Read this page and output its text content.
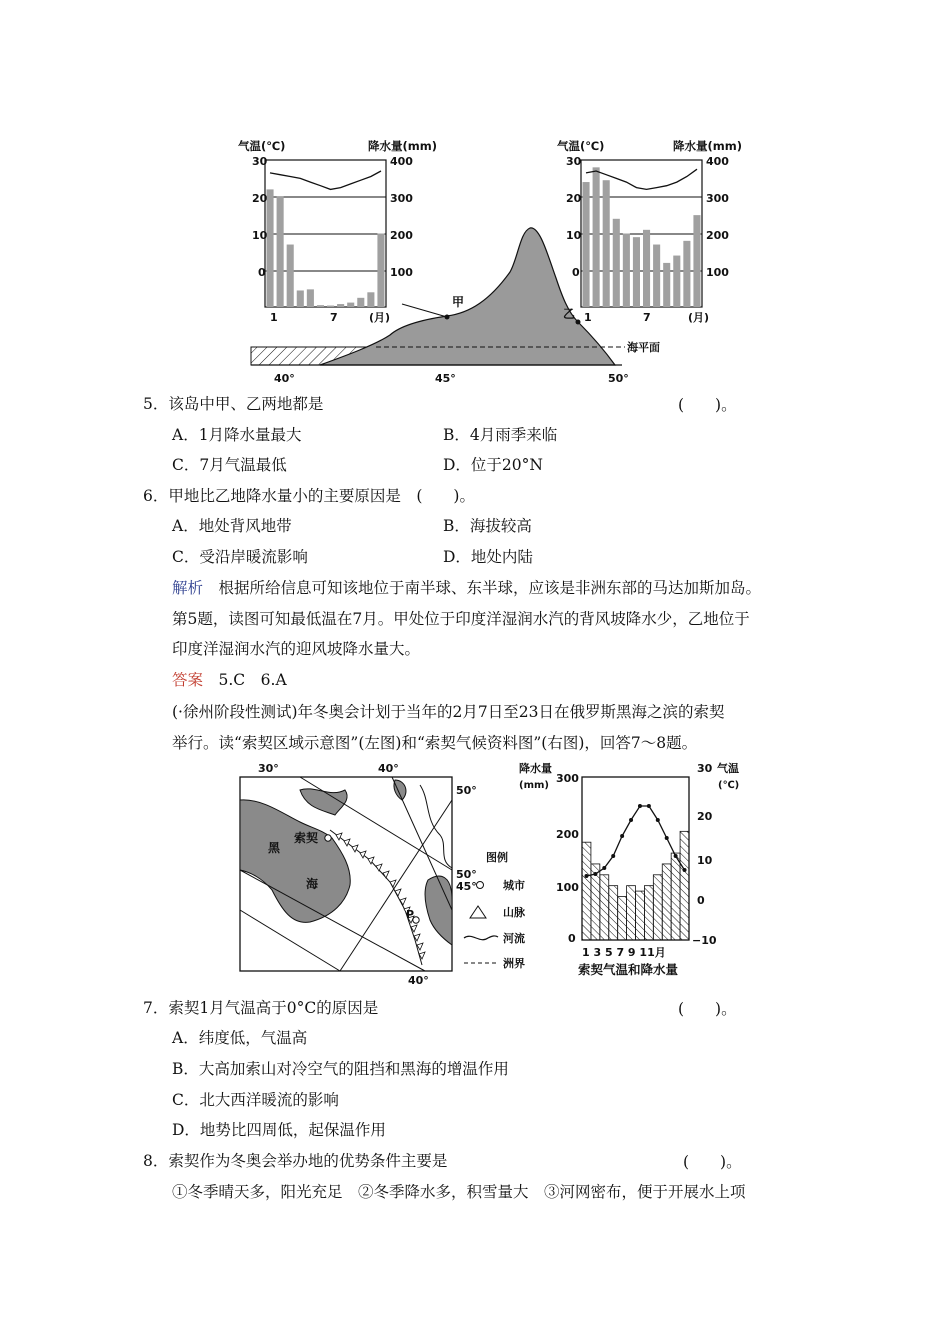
气温(℃)	降水量(mm)
30
20
10
0
400
300
200
100
1	7	(月)
气温(℃)	降水量(mm)
30
20
10
0
400
300
200
100
1	7	(月)
甲
乙
海平面
40°	45°	50°
5．该岛中甲、乙两地都是	(　　)。
A．1月降水量最大	B．4月雨季来临
C．7月气温最低	D．位于20°N
6．甲地比乙地降水量小的主要原因是　(　　)。
A．地处背风地带	B．海拔较高
C．受沿岸暖流影响	D．地处内陆
解析　根据所给信息可知该地位于南半球、东半球，应该是非洲东部的马达加斯加岛。
第5题，读图可知最低温在7月。甲处位于印度洋湿润水汽的背风坡降水少，乙地位于
印度洋湿润水汽的迎风坡降水量大。
答案　5.C　6.A
(·徐州阶段性测试)年冬奥会计划于当年的2月7日至23日在俄罗斯黑海之滨的索契
举行。读“索契区域示意图”(左图)和“索契气候资料图”(右图)，回答7～8题。
30°	40°
索契
黑
海
P
50°
50°
45°
40°
图例
城市
山脉
河流
洲界
降水量
(mm)
气温
(℃)
300
200
100
0
30
20
10
0
−10
1 3 5 7 9 11月
索契气温和降水量
7．索契1月气温高于0°C的原因是	(　　)。
A．纬度低，气温高
B．大高加索山对冷空气的阻挡和黑海的增温作用
C．北大西洋暖流的影响
D．地势比四周低，起保温作用
8．索契作为冬奥会举办地的优势条件主要是	(　　)。
①冬季晴天多，阳光充足　②冬季降水多，积雪量大　③河网密布，便于开展水上项
